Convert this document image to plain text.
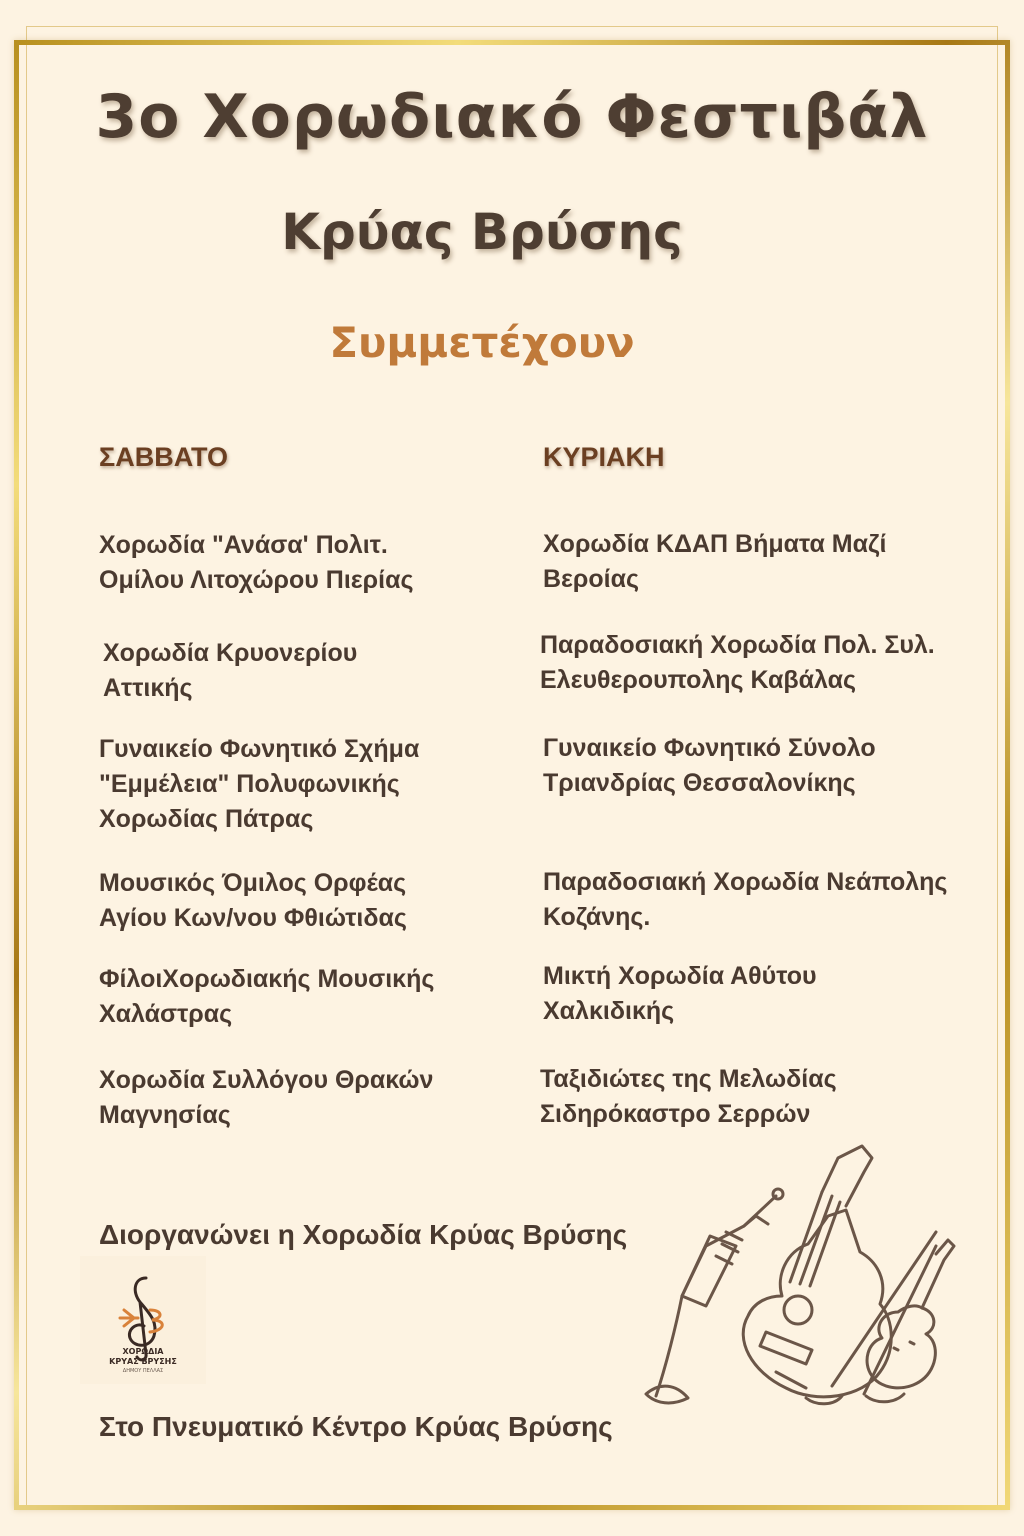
3ο Χορωδιακό Φεστιβάλ
Κρύας Βρύσης
Συμμετέχουν
ΣΑΒΒΑΤΟ	ΚΥΡΙΑΚΗ
Χορωδία "Ανάσα' Πολιτ.
Ομίλου Λιτοχώρου Πιερίας
Χορωδία Κρυονερίου
Αττικής
Γυναικείο Φωνητικό Σχήμα
"Εμμέλεια" Πολυφωνικής
Χορωδίας Πάτρας
Μουσικός Όμιλος Ορφέας
Αγίου Κων/νου Φθιώτιδας
ΦίλοιΧορωδιακής Μουσικής
Χαλάστρας
Χορωδία Συλλόγου Θρακών
Μαγνησίας
Χορωδία ΚΔΑΠ Βήματα Μαζί
Βεροίας
Παραδοσιακή Χορωδία Πολ. Συλ.
Ελευθερουπολης Καβάλας
Γυναικείο Φωνητικό Σύνολο
Τριανδρίας Θεσσαλονίκης
Παραδοσιακή Χορωδία Νεάπολης
Κοζάνης.
Μικτή Χορωδία Αθύτου
Χαλκιδικής
Ταξιδιώτες της Μελωδίας
Σιδηρόκαστρο Σερρών
Διοργανώνει η Χορωδία Κρύας Βρύσης
ΧΟΡΩΔΙΑ
ΚΡΥΑΣ ΒΡΥΣΗΣ
ΔΗΜΟΥ ΠΕΛΛΑΣ
Στο Πνευματικό Κέντρο Κρύας Βρύσης
